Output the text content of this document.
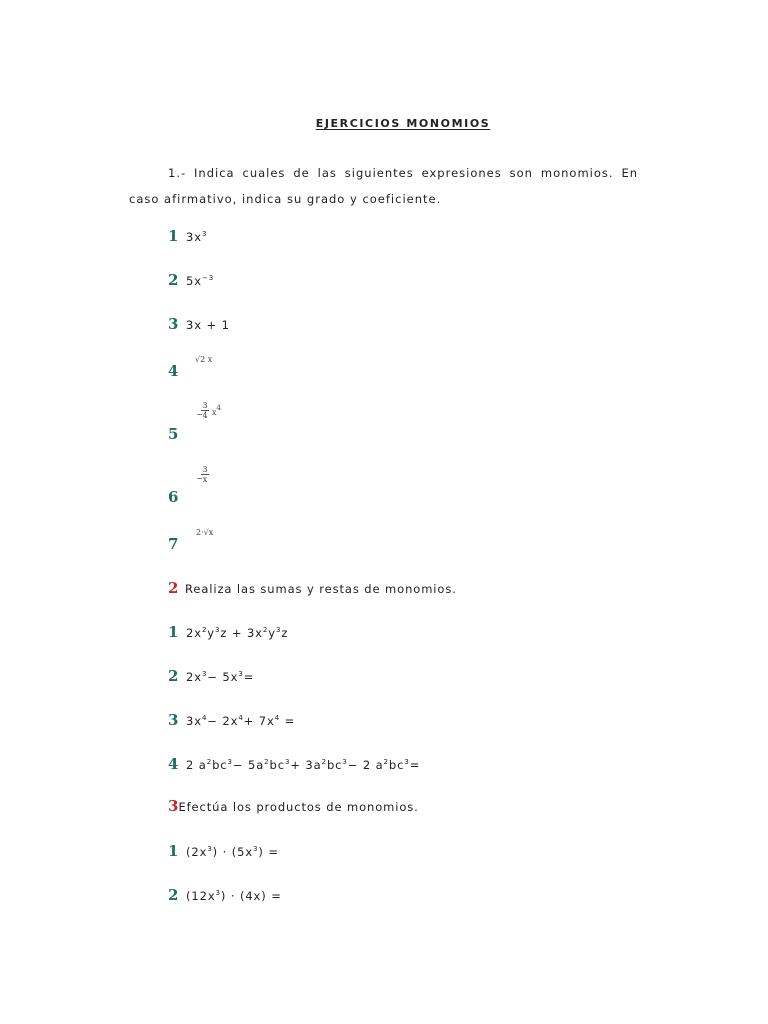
EJERCICIOS MONOMIOS
1.- Indica cuales de las siguientes expresiones son monomios. En caso afirmativo, indica su grado y coeficiente.
1 $3x^3$
2 $5x^{-3}$
3 3x + 1
4
√2 x
5
−
3
4 $x^4$
6
−
3
x
7
2·√x
2 Realiza las sumas y restas de monomios.
1 $2x^2y^3z + 3x^2y^3z$
2 $2x^3- 5x^3=$
3 $3x^4- 2x^4+ 7x^4$ =
4 2 $a^2bc^3- 5a^2bc^3+ 3a^2bc^3- 2$ $a^2bc^3=$
3Efectúa los productos de monomios.
1 $(2x^3) \cdot (5x^3)$ =
2 $(12x^3) \cdot (4x)$ =
